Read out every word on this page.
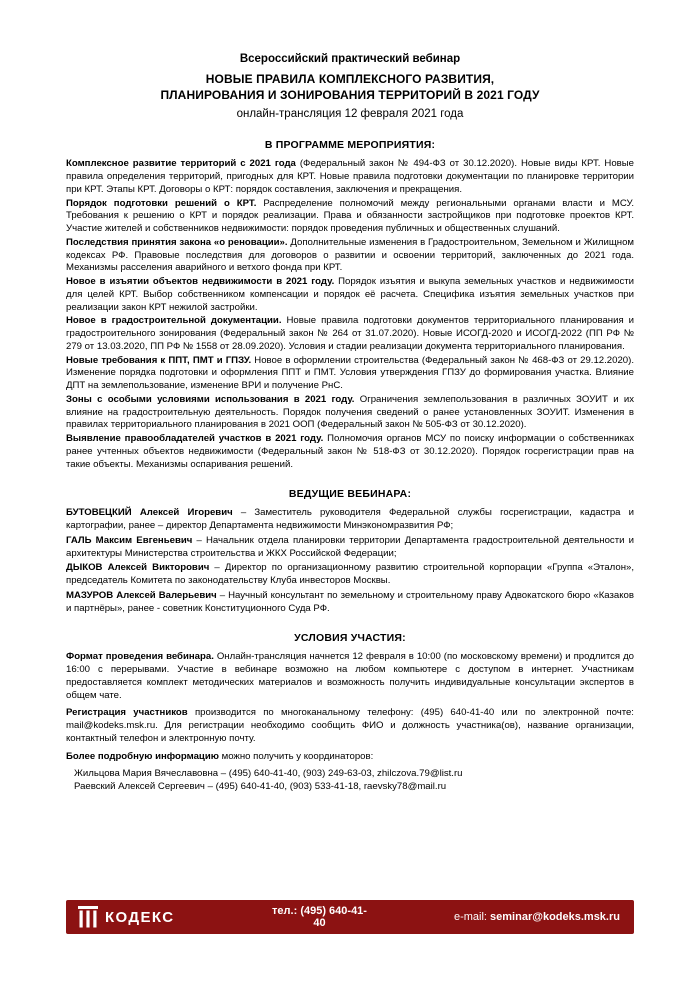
Всероссийский практический вебинар
НОВЫЕ ПРАВИЛА КОМПЛЕКСНОГО РАЗВИТИЯ,
ПЛАНИРОВАНИЯ И ЗОНИРОВАНИЯ ТЕРРИТОРИЙ В 2021 ГОДУ
онлайн-трансляция 12 февраля 2021 года
В ПРОГРАММЕ МЕРОПРИЯТИЯ:
Комплексное развитие территорий с 2021 года (Федеральный закон № 494-ФЗ от 30.12.2020). Новые виды КРТ. Новые правила определения территорий, пригодных для КРТ. Новые правила подготовки документации по планировке территории при КРТ. Этапы КРТ. Договоры о КРТ: порядок составления, заключения и прекращения.
Порядок подготовки решений о КРТ. Распределение полномочий между региональными органами власти и МСУ. Требования к решению о КРТ и порядок реализации. Права и обязанности застройщиков при подготовке проектов КРТ. Участие жителей и собственников недвижимости: порядок проведения публичных и общественных слушаний.
Последствия принятия закона «о реновации». Дополнительные изменения в Градостроительном, Земельном и Жилищном кодексах РФ. Правовые последствия для договоров о развитии и освоении территорий, заключенных до 2021 года. Механизмы расселения аварийного и ветхого фонда при КРТ.
Новое в изъятии объектов недвижимости в 2021 году. Порядок изъятия и выкупа земельных участков и недвижимости для целей КРТ. Выбор собственником компенсации и порядок её расчета. Специфика изъятия земельных участков при реализации закон КРТ нежилой застройки.
Новое в градостроительной документации. Новые правила подготовки документов территориального планирования и градостроительного зонирования (Федеральный закон № 264 от 31.07.2020). Новые ИСОГД-2020 и ИСОГД-2022 (ПП РФ № 279 от 13.03.2020, ПП РФ № 1558 от 28.09.2020). Условия и стадии реализации документа территориального планирования.
Новые требования к ППТ, ПМТ и ГПЗУ. Новое в оформлении строительства (Федеральный закон № 468-ФЗ от 29.12.2020). Изменение порядка подготовки и оформления ППТ и ПМТ. Условия утверждения ГПЗУ до формирования участка. Влияние ДПТ на землепользование, изменение ВРИ и получение РнС.
Зоны с особыми условиями использования в 2021 году. Ограничения землепользования в различных ЗОУИТ и их влияние на градостроительную деятельность. Порядок получения сведений о ранее установленных ЗОУИТ. Изменения в правилах территориального планирования в 2021 ООП (Федеральный закон № 505-ФЗ от 30.12.2020).
Выявление правообладателей участков в 2021 году. Полномочия органов МСУ по поиску информации о собственниках ранее учтенных объектов недвижимости (Федеральный закон № 518-ФЗ от 30.12.2020). Порядок госрегистрации прав на такие объекты. Механизмы оспаривания решений.
ВЕДУЩИЕ ВЕБИНАРА:
БУТОВЕЦКИЙ Алексей Игоревич – Заместитель руководителя Федеральной службы госрегистрации, кадастра и картографии, ранее – директор Департамента недвижимости Минэкономразвития РФ;
ГАЛЬ Максим Евгеньевич – Начальник отдела планировки территории Департамента градостроительной деятельности и архитектуры Министерства строительства и ЖКХ Российской Федерации;
ДЫКОВ Алексей Викторович – Директор по организационному развитию строительной корпорации «Группа «Эталон», председатель Комитета по законодательству Клуба инвесторов Москвы.
МАЗУРОВ Алексей Валерьевич – Научный консультант по земельному и строительному праву Адвокатского бюро «Казаков и партнёры», ранее - советник Конституционного Суда РФ.
УСЛОВИЯ УЧАСТИЯ:
Формат проведения вебинара. Онлайн-трансляция начнется 12 февраля в 10:00 (по московскому времени) и продлится до 16:00 с перерывами. Участие в вебинаре возможно на любом компьютере с доступом в интернет. Участникам предоставляется комплект методических материалов и возможность получить индивидуальные консультации экспертов в общем чате.
Регистрация участников производится по многоканальному телефону: (495) 640-41-40 или по электронной почте: mail@kodeks.msk.ru. Для регистрации необходимо сообщить ФИО и должность участника(ов), название организации, контактный телефон и электронную почту.
Более подробную информацию можно получить у координаторов:
Жильцова Мария Вячеславовна – (495) 640-41-40, (903) 249-63-03, zhilczova.79@list.ru
Раевский Алексей Сергеевич – (495) 640-41-40, (903) 533-41-18, raevsky78@mail.ru
КОДЕКС	тел.: (495) 640-41-40	e-mail: seminar@kodeks.msk.ru
